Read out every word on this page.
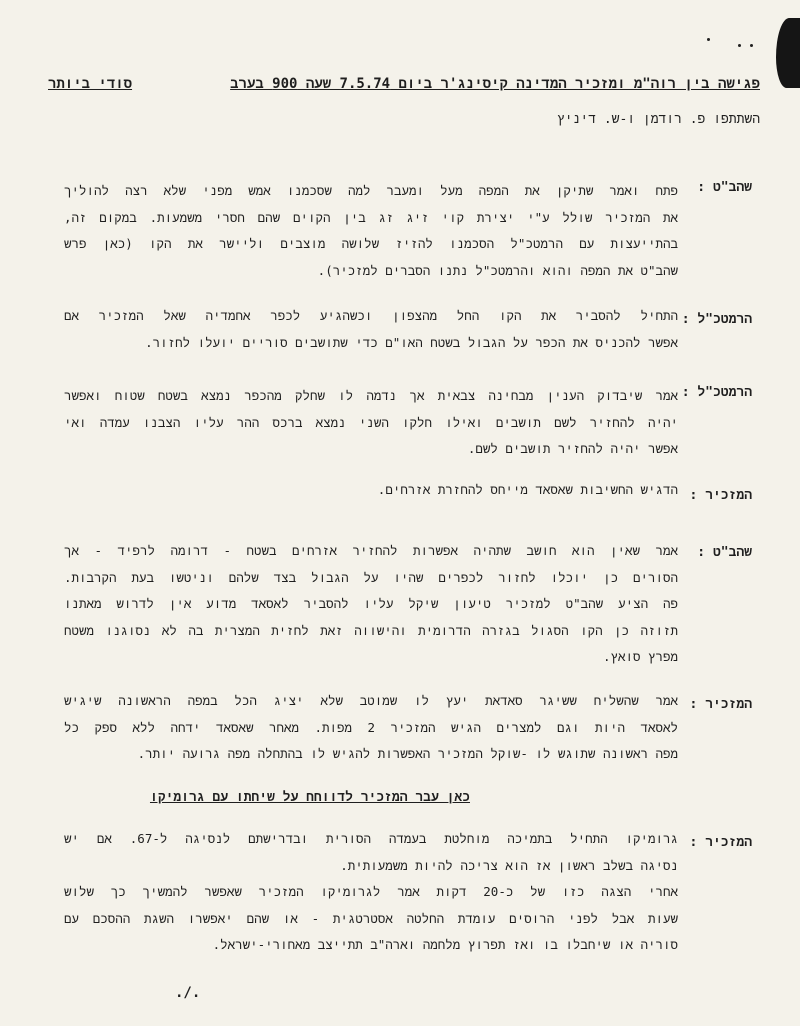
פגישה בין רוה"מ ומזכיר המדינה קיסינג'ר ביום 7.5.74 שעה 900 בערב
סודי ביותר
השתתפו פ. רודמן ו-ש. דיניץ
שהב"ט :
פתח ואמר שתיקן את המפה מעל ומעבר למה שסכמנו אמש מפני שלא רצה להוליך
את המזכיר שולל ע"י יצירת קוי זיג זג בין הקוים שהם חסרי משמעות. במקום זה,
בהתייעצות עם הרמטכ"ל הסכמנו להזיז שלושה מוצבים וליישר את הקו (כאן פרש
שהב"ט את המפה והוא והרמטכ"ל נתנו הסברים למזכיר).
הרמטכ"ל :
התחיל להסביר את הקו החל מהצפון וכשהגיע לכפר אחמדיה שאל המזכיר אם
אפשר להכניס את הכפר על הגבול בשטח האו"ם כדי שתושבים סוריים יועלו לחזור.
הרמטכ"ל :
אמר שיבדוק הענין מבחינה צבאית אך נדמה לו שחלק מהכפר נמצא בשטח שטוח ואפשר
יהיה להחזיר לשם תושבים ואילו חלקו השני נמצא ברכס ההר עליו הצבנו עמדה ואי
אפשר יהיה להחזיר תושבים לשם.
המזכיר :
הדגיש החשיבות שאסאד מייחס להחזרת אזרחים.
שהב"ט :
אמר שאין הוא חושב שתהיה אפשרות להחזיר אזרחים בשטח - דרומה לרפיד - אך
הסורים כן יוכלו לחזור לכפרים שהיו על הגבול בצד שלהם וניטשו בעת הקרבות.
פה הציע שהב"ט למזכיר טיעון שיקל עליו להסביר לאסאד מדוע אין לדרוש מאתנו
תזוזה כן הקו הסגול בגזרה הדרומית והישווה זאת לחזית המצרית בה לא נסוגנו משטח
מפרץ סואץ.
המזכיר :
אמר שהשליח ששיגר סאדאת יעץ לו שמוטב שלא יציג הכל במפה הראשונה שיגיש
לאסאד היות וגם למצרים הגיש המזכיר 2 מפות. מאחר שאסאד ידחה ללא ספק כל
מפה ראשונה שתוגש לו -שוקל המזכיר האפשרות להגיש לו בהתחלה מפה גרועה יותר.
כאן עבר המזכיר לדווחח על שיחתו עם גרומיקו
המזכיר :
גרומיקו התחיל בתמיכה מוחלטת בעמדה הסורית ובדרישתם לנסיגה ל-67. אם יש
נסיגה בשלב ראשון אז הוא צריכה להיות משמעותית.
אחרי הצגה כזו של כ-20 דקות אמר לגרומיקו המזכיר שאפשר להמשיך כך שלוש
שעות אבל לפני הרוסים עומדת החלטה אסטרטגית - או שהם יאפשרו השגת ההסכם עם
סוריה או שיחבלו בו ואז תפרוץ מלחמה וארה"ב תתייצב מאחורי-ישראל.
./.
